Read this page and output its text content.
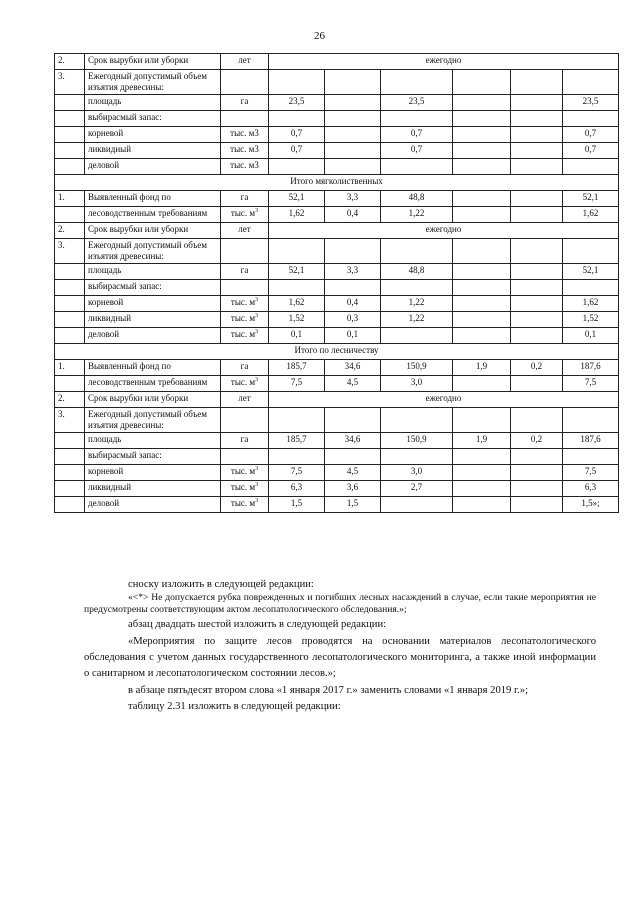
26
2.	Срок вырубки или уборки	лет	ежегодно					
3.	Ежегодный допустимый объем изъятия древесины:							
	площадь	га	23,5		23,5			23,5
	выбирасмый запас:							
	корневой	тыс. м3	0,7		0,7			0,7
	ликвидный	тыс. м3	0,7		0,7			0,7
	деловой	тыс. м3						
Итого мягколиственных								
1.	Выявленный фонд по	га	52,1	3,3	48,8			52,1
	лесоводственным требованиям	тыс. $м^3$	1,62	0,4	1,22			1,62
2.	Срок вырубки или уборки	лет	ежегодно					
3.	Ежегодный допустимый объем изъятия древесины:							
	площадь	га	52,1	3,3	48,8			52,1
	выбирасмый запас:							
	корневой	тыс. $м^3$	1,62	0,4	1,22			1,62
	ликвидный	тыс. $м^3$	1,52	0,3	1,22			1,52
	деловой	тыс. $м^3$	0,1	0,1				0,1
Итого по лесничеству								
1.	Выявленный фонд по	га	185,7	34,6	150,9	1,9	0,2	187,6
	лесоводственным требованиям	тыс. $м^3$	7,5	4,5	3,0			7,5
2.	Срок вырубки или уборки	лет	ежегодно					
3.	Ежегодный допустимый объем изъятия древесины:							
	площадь	га	185,7	34,6	150,9	1,9	0,2	187,6
	выбирасмый запас:							
	корневой	тыс. $м^3$	7,5	4,5	3,0			7,5
	ликвидный	тыс. $м^3$	6,3	3,6	2,7			6,3
	деловой	тыс. $м^3$	1,5	1,5				1,5»;

сноску изложить в следующей редакции:

«<*> Не допускается рубка поврежденных и погибших лесных насаждений в случае, если такие мероприятия не предусмотрены соответствующим актом лесопатологического обследования.»;

абзац двадцать шестой изложить в следующей редакции:

«Мероприятия по защите лесов проводятся на основании материалов лесопатологического обследования с учетом данных государственного лесопатологического мониторинга, а также иной информации о санитарном и лесопатологическом состоянии лесов.»;

в абзаце пятьдесят втором слова «1 января 2017 г.» заменить словами «1 января 2019 г.»;

таблицу 2.31 изложить в следующей редакции:
